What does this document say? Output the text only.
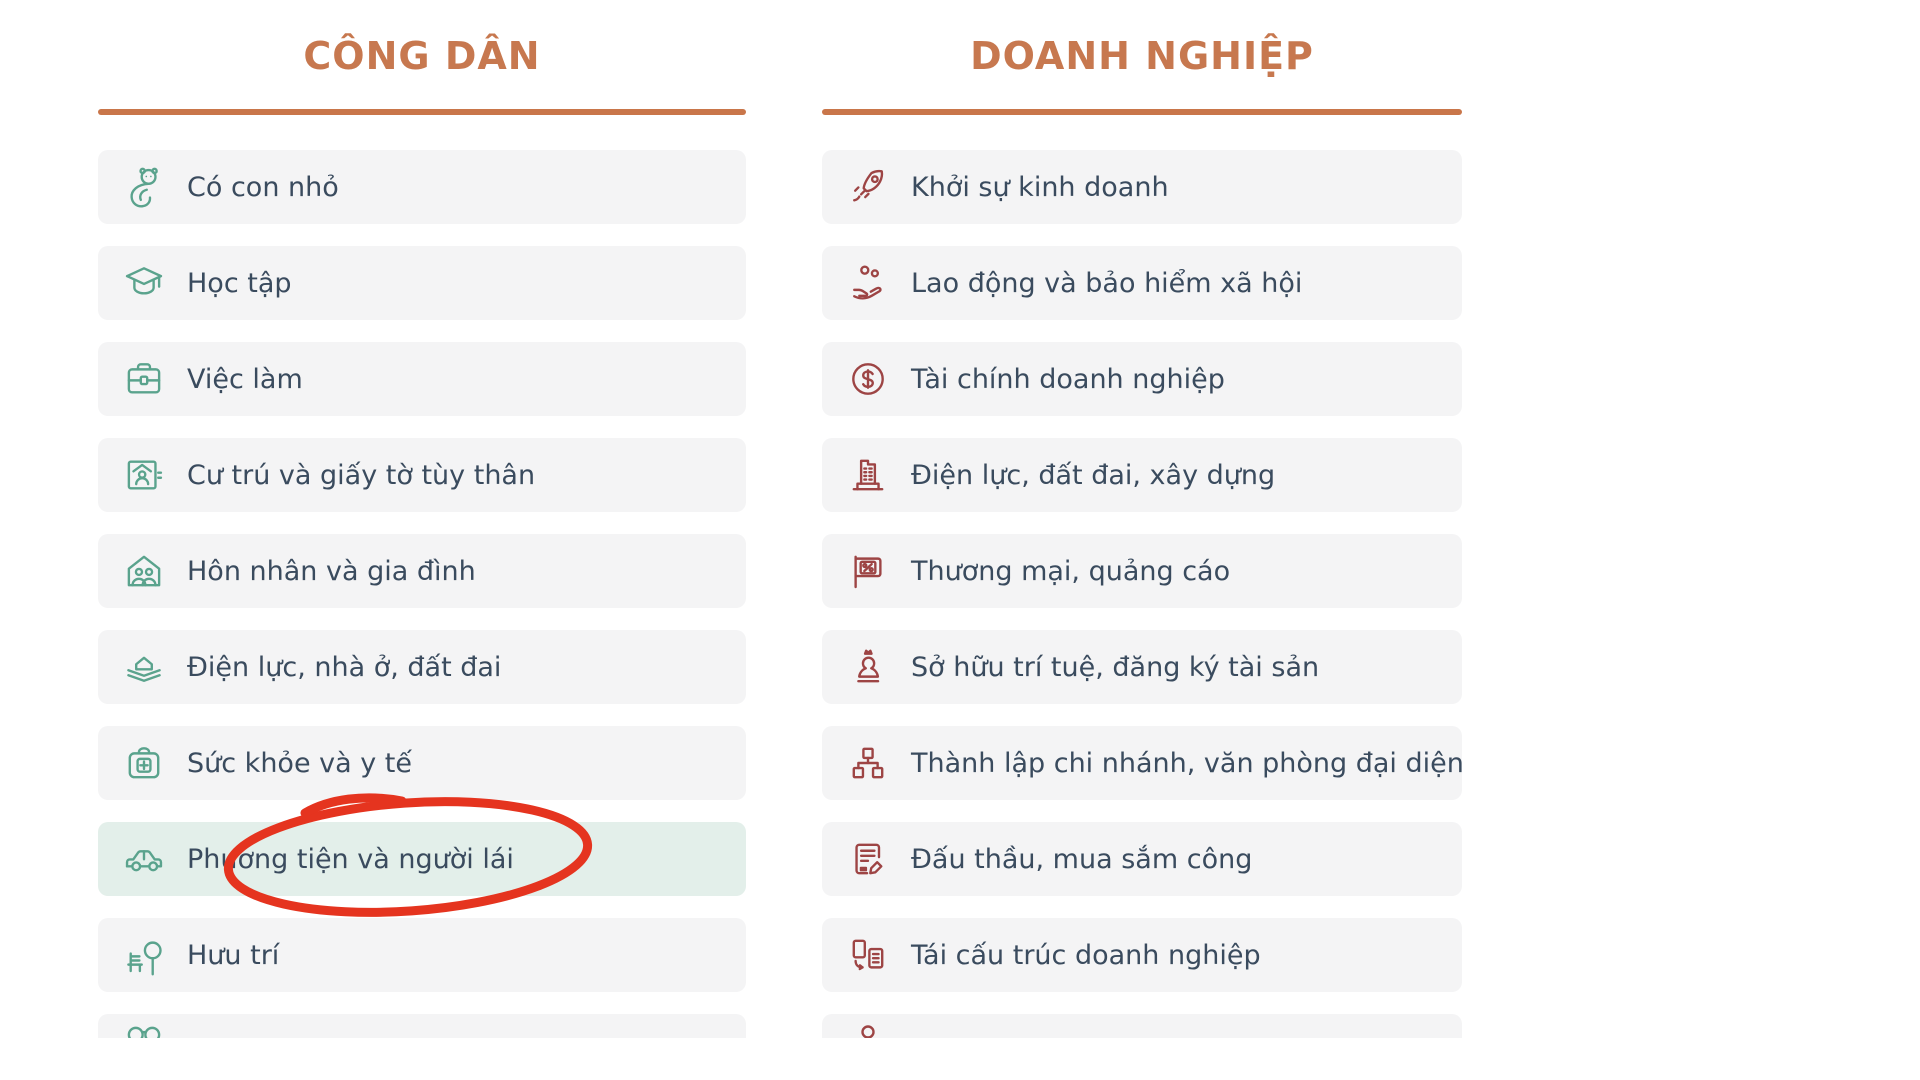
CÔNG DÂN
Có con nhỏ
Học tập
Việc làm
Cư trú và giấy tờ tùy thân
Hôn nhân và gia đình
Điện lực, nhà ở, đất đai
Sức khỏe và y tế
Phương tiện và người lái
Hưu trí
DOANH NGHIỆP
Khởi sự kinh doanh
Lao động và bảo hiểm xã hội
Tài chính doanh nghiệp
Điện lực, đất đai, xây dựng
Thương mại, quảng cáo
Sở hữu trí tuệ, đăng ký tài sản
Thành lập chi nhánh, văn phòng đại diện
Đấu thầu, mua sắm công
Tái cấu trúc doanh nghiệp
